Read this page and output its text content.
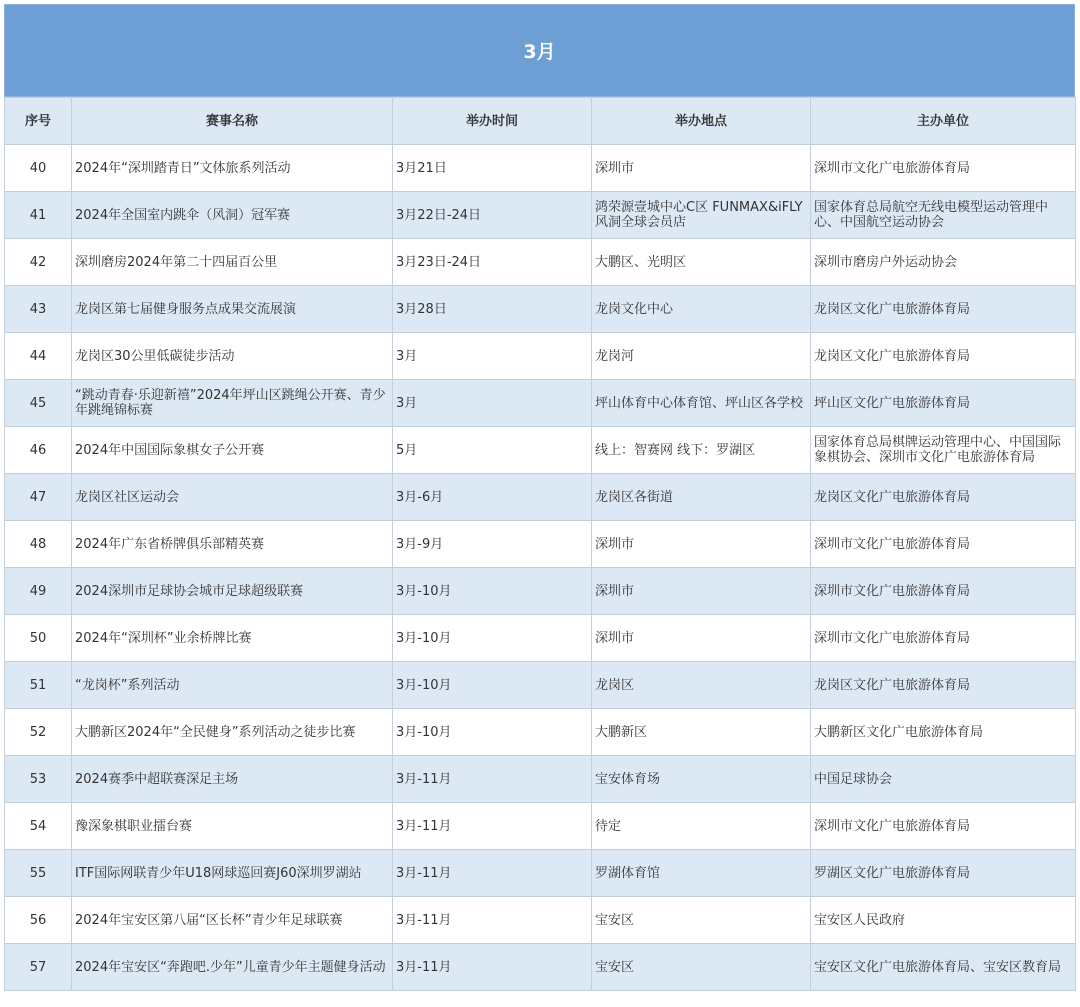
3月
序号	赛事名称	举办时间	举办地点	主办单位
40	2024年“深圳踏青日”文体旅系列活动	3月21日	深圳市	深圳市文化广电旅游体育局
41	2024年全国室内跳伞（风洞）冠军赛	3月22日-24日	鸿荣源壹城中心C区 FUNMAX&iFLY风洞全球会员店	国家体育总局航空无线电模型运动管理中心、中国航空运动协会
42	深圳磨房2024年第二十四届百公里	3月23日-24日	大鹏区、光明区	深圳市磨房户外运动协会
43	龙岗区第七届健身服务点成果交流展演	3月28日	龙岗文化中心	龙岗区文化广电旅游体育局
44	龙岗区30公里低碳徒步活动	3月	龙岗河	龙岗区文化广电旅游体育局
45	“跳动青春·乐迎新禧”2024年坪山区跳绳公开赛、青少年跳绳锦标赛	3月	坪山体育中心体育馆、坪山区各学校	坪山区文化广电旅游体育局
46	2024年中国国际象棋女子公开赛	5月	线上：智赛网 线下：罗湖区	国家体育总局棋牌运动管理中心、中国国际象棋协会、深圳市文化广电旅游体育局
47	龙岗区社区运动会	3月-6月	龙岗区各街道	龙岗区文化广电旅游体育局
48	2024年广东省桥牌俱乐部精英赛	3月-9月	深圳市	深圳市文化广电旅游体育局
49	2024深圳市足球协会城市足球超级联赛	3月-10月	深圳市	深圳市文化广电旅游体育局
50	2024年“深圳杯”业余桥牌比赛	3月-10月	深圳市	深圳市文化广电旅游体育局
51	“龙岗杯”系列活动	3月-10月	龙岗区	龙岗区文化广电旅游体育局
52	大鹏新区2024年“全民健身”系列活动之徒步比赛	3月-10月	大鹏新区	大鹏新区文化广电旅游体育局
53	2024赛季中超联赛深足主场	3月-11月	宝安体育场	中国足球协会
54	豫深象棋职业擂台赛	3月-11月	待定	深圳市文化广电旅游体育局
55	ITF国际网联青少年U18网球巡回赛J60深圳罗湖站	3月-11月	罗湖体育馆	罗湖区文化广电旅游体育局
56	2024年宝安区第八届“区长杯”青少年足球联赛	3月-11月	宝安区	宝安区人民政府
57	2024年宝安区“奔跑吧.少年”儿童青少年主题健身活动	3月-11月	宝安区	宝安区文化广电旅游体育局、宝安区教育局
